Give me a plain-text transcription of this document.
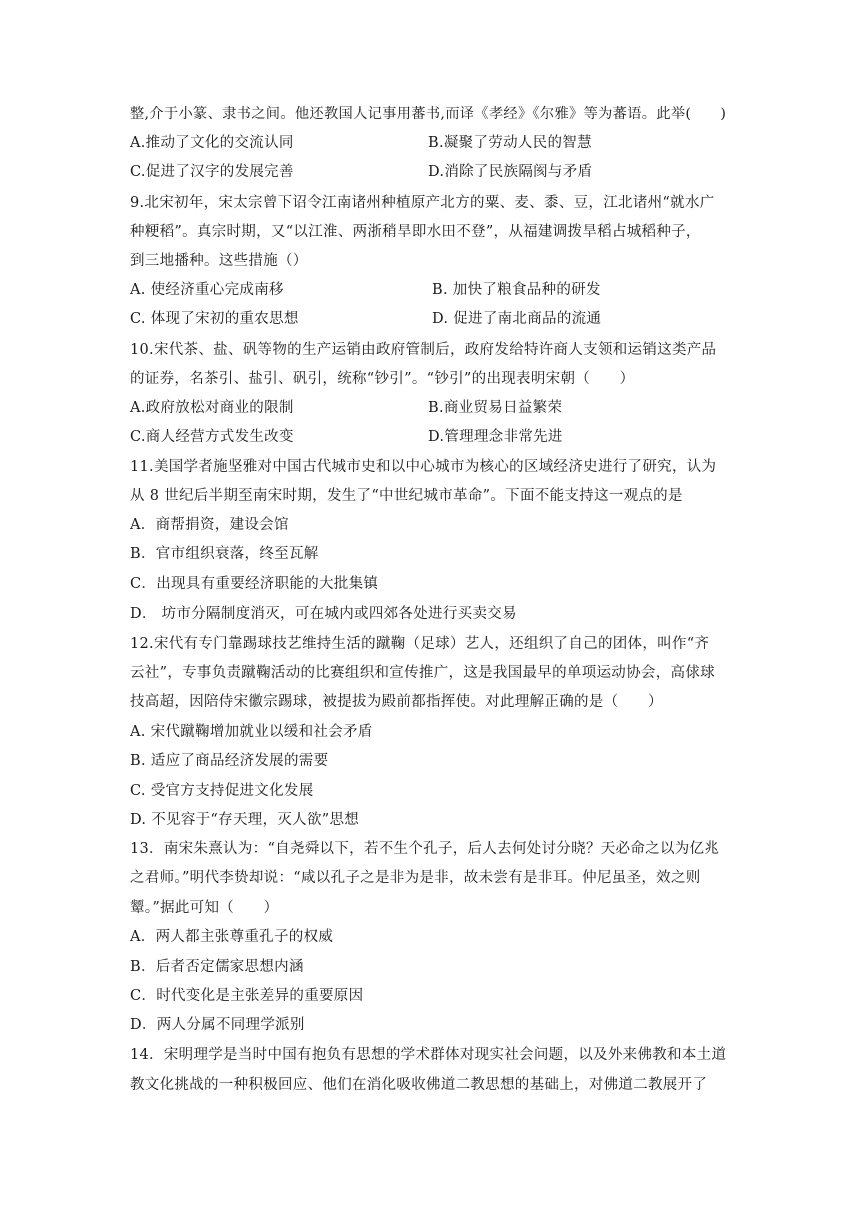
整,介于小篆、隶书之间。他还教国人记事用蕃书,而译《孝经》《尔雅》等为蕃语。此举(　　)
A.推动了文化的交流认同	B.凝聚了劳动人民的智慧
C.促进了汉字的发展完善	D.消除了民族隔阂与矛盾
9.北宋初年，宋太宗曾下诏令江南诸州种植原产北方的粟、麦、黍、豆，江北诸州“就水广
种粳稻”。真宗时期，又“以江淮、两浙稍旱即水田不登”，从福建调拨旱稻占城稻种子，
到三地播种。这些措施（）
A. 使经济重心完成南移	B. 加快了粮食品种的研发
C. 体现了宋初的重农思想	D. 促进了南北商品的流通
10.宋代茶、盐、矾等物的生产运销由政府管制后，政府发给特许商人支领和运销这类产品
的证券，名茶引、盐引、矾引，统称“钞引”。“钞引”的出现表明宋朝（　　）
A.政府放松对商业的限制	B.商业贸易日益繁荣
C.商人经营方式发生改变	D.管理理念非常先进
11.美国学者施坚雅对中国古代城市史和以中心城市为核心的区域经济史进行了研究，认为
从 8 世纪后半期至南宋时期，发生了“中世纪城市革命”。下面不能支持这一观点的是
A．商帮捐资，建设会馆
B．官市组织衰落，终至瓦解
C．出现具有重要经济职能的大批集镇
D． 坊市分隔制度消灭，可在城内或四郊各处进行买卖交易
12.宋代有专门靠踢球技艺维持生活的蹴鞠（足球）艺人，还组织了自己的团体，叫作“齐
云社”，专事负责蹴鞠活动的比赛组织和宣传推广，这是我国最早的单项运动协会，高俅球
技高超，因陪侍宋徽宗踢球，被提拔为殿前都指挥使。对此理解正确的是（　　）
A. 宋代蹴鞠增加就业以缓和社会矛盾
B. 适应了商品经济发展的需要
C. 受官方支持促进文化发展
D. 不见容于“存天理，灭人欲”思想
13．南宋朱熹认为：“自尧舜以下，若不生个孔子，后人去何处讨分晓？天必命之以为亿兆
之君师。”明代李贽却说：“咸以孔子之是非为是非，故未尝有是非耳。仲尼虽圣，效之则
颦。”据此可知（　　）
A．两人都主张尊重孔子的权威
B．后者否定儒家思想内涵
C．时代变化是主张差异的重要原因
D．两人分属不同理学派别
14．宋明理学是当时中国有抱负有思想的学术群体对现实社会问题，以及外来佛教和本土道
教文化挑战的一种积极回应、他们在消化吸收佛道二教思想的基础上，对佛道二教展开了
